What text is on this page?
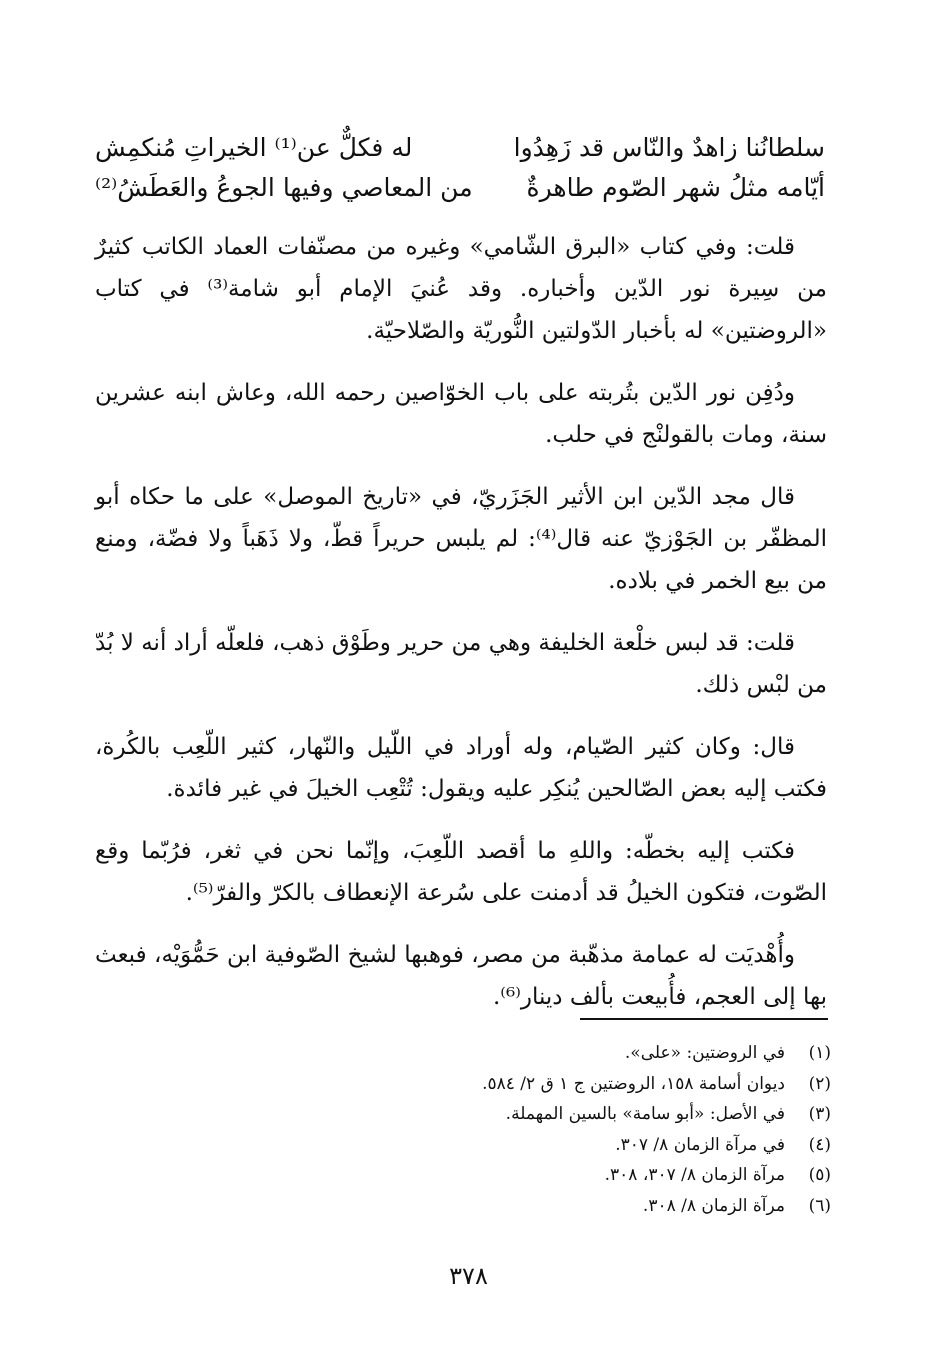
سلطانُنا زاهدٌ والنّاس قد زَهِدُوا
له فكلٌّ عن⁽¹⁾ الخيراتِ مُنكمِش
أيّامه مثلُ شهر الصّوم طاهرةٌ
من المعاصي وفيها الجوعُ والعَطَشُ⁽²⁾

قلت: وفي كتاب «البرق الشّامي» وغيره من مصنّفات العماد الكاتب كثيرٌ من سِيرة نور الدّين وأخباره. وقد عُنيَ الإمام أبو شامة⁽³⁾ في كتاب «الروضتين» له بأخبار الدّولتين النُّوريّة والصّلاحيّة.

ودُفِن نور الدّين بتُربته على باب الخوّاصين رحمه الله، وعاش ابنه عشرين سنة، ومات بالقولنْج في حلب.

قال مجد الدّين ابن الأثير الجَزَريّ، في «تاريخ الموصل» على ما حكاه أبو المظفّر بن الجَوْزيّ عنه قال⁽⁴⁾: لم يلبس حريراً قطّ، ولا ذَهَباً ولا فضّة، ومنع من بيع الخمر في بلاده.

قلت: قد لبس خلْعة الخليفة وهي من حرير وطَوْق ذهب، فلعلّه أراد أنه لا بُدّ من لبْس ذلك.

قال: وكان كثير الصّيام، وله أوراد في اللّيل والنّهار، كثير اللّعِب بالكُرة، فكتب إليه بعض الصّالحين يُنكِر عليه ويقول: تُتْعِب الخيلَ في غير فائدة.

فكتب إليه بخطّه: واللهِ ما أقصد اللّعِبَ، وإنّما نحن في ثغر، فرُبّما وقع الصّوت، فتكون الخيلُ قد أدمنت على سُرعة الإنعطاف بالكرّ والفرّ⁽⁵⁾.

وأُهْديَت له عمامة مذهّبة من مصر، فوهبها لشيخ الصّوفية ابن حَمُّوَيْه، فبعث بها إلى العجم، فأُبيعت بألف دينار⁽⁶⁾.

(١)
في الروضتين: «على».
(٢)
ديوان أسامة ١٥٨، الروضتين ج ١ ق ٢/ ٥٨٤.
(٣)
في الأصل: «أبو سامة» بالسين المهملة.
(٤)
في مرآة الزمان ٨/ ٣٠٧.
(٥)
مرآة الزمان ٨/ ٣٠٧، ٣٠٨.
(٦)
مرآة الزمان ٨/ ٣٠٨.
٣٧٨
